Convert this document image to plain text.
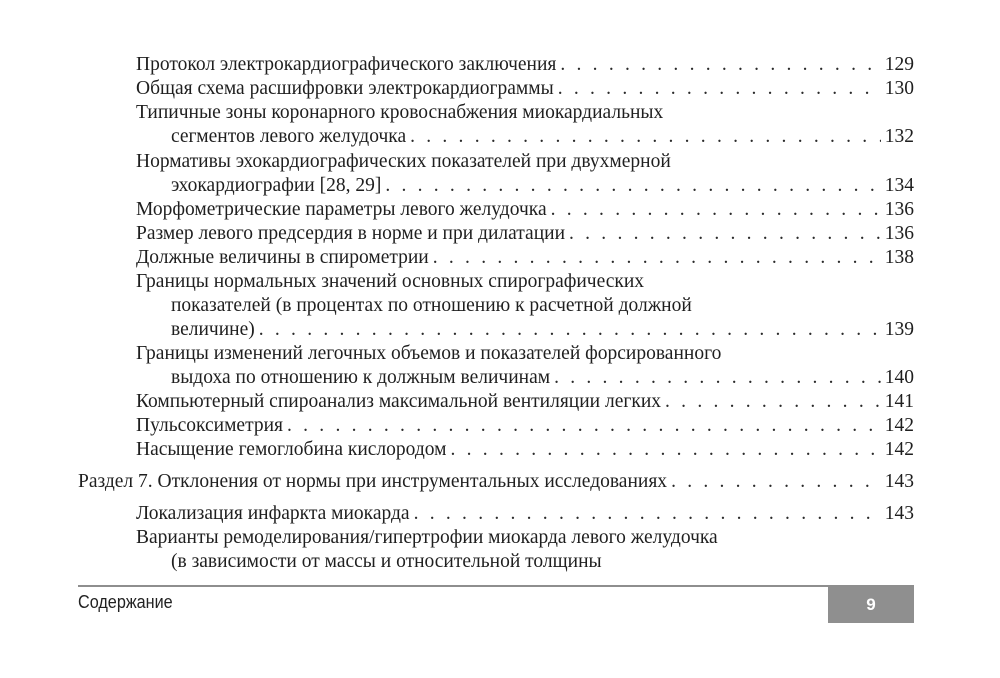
Протокол электрокардиографического заключения . . .	129
Общая схема расшифровки электрокардиограммы . . .	130
Типичные зоны коронарного кровоснабжения миокардиальных
сегментов левого желудочка . . .	132
Нормативы эхокардиографических показателей при двухмерной
эхокардиографии [28, 29] . . .	134
Морфометрические параметры левого желудочка . . .	136
Размер левого предсердия в норме и при дилатации . . .	136
Должные величины в спирометрии . . .	138
Границы нормальных значений основных спирографических
показателей (в процентах по отношению к расчетной должной
величине) . . .	139
Границы изменений легочных объемов и показателей форсированного
выдоха по отношению к должным величинам . . .	140
Компьютерный спироанализ максимальной вентиляции легких . . .	141
Пульсоксиметрия . . .	142
Насыщение гемоглобина кислородом . . .	142
Раздел 7. Отклонения от нормы при инструментальных исследованиях . . .	143
Локализация инфаркта миокарда . . .	143
Варианты ремоделирования/гипертрофии миокарда левого желудочка
(в зависимости от массы и относительной толщины
Содержание	9
